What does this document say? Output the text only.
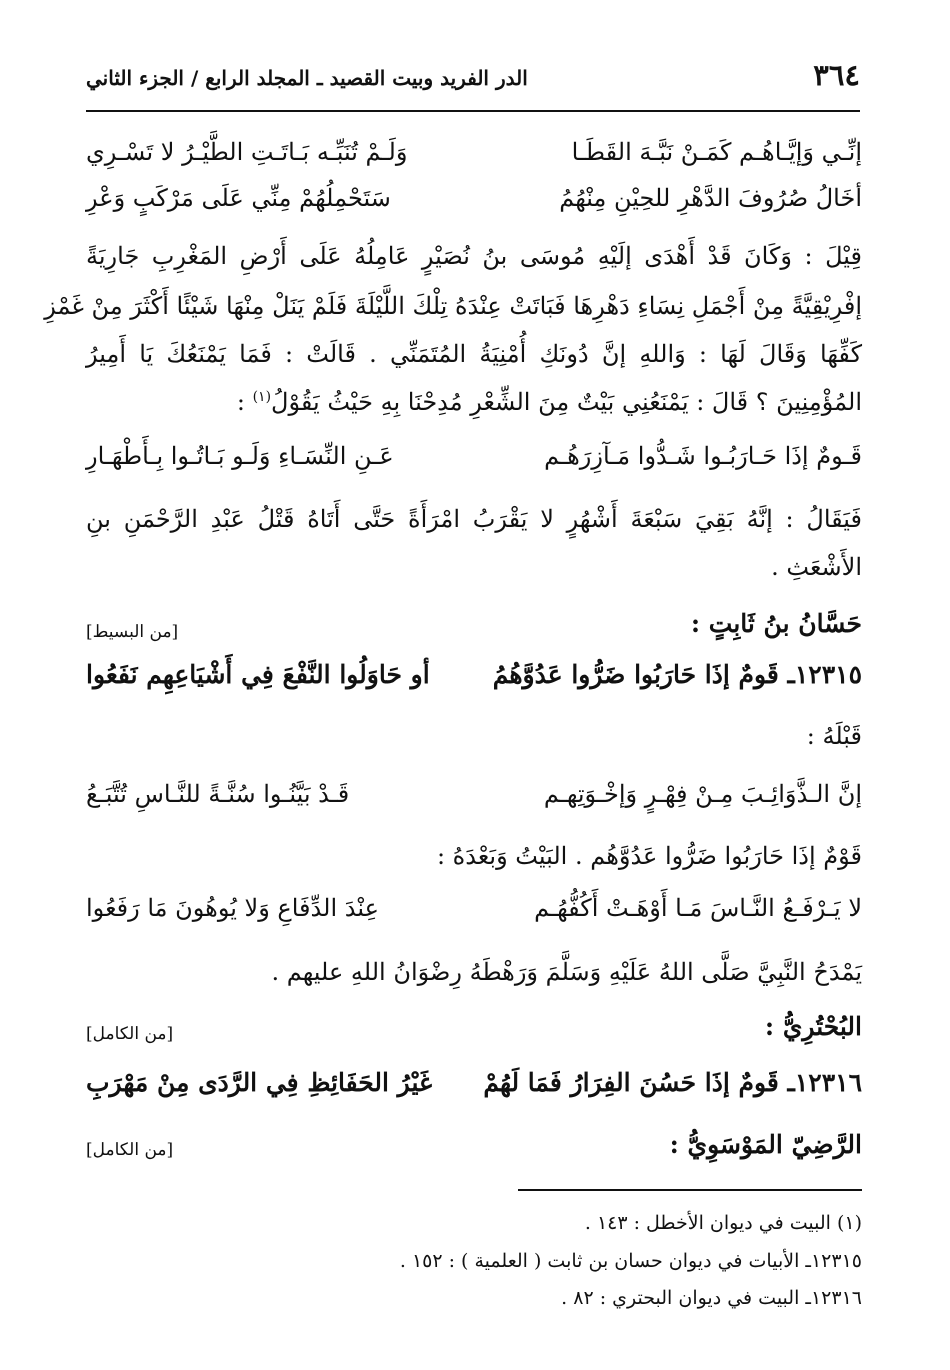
٣٦٤
الدر الفريد وبيت القصيد ـ المجلد الرابع / الجزء الثاني
إنِّـي وَإيَّـاهُـم كَمَـنْ نَبَّـهَ القَطَـا
وَلَـمْ تُنَبِّـه بَـاتَـتِ الطَّيْـرُ لا تَسْـرِي
أخَالُ صُرُوفَ الدَّهْرِ للحِيْنِ مِنْهُمُ
سَتَحْمِلُهُمْ مِنِّي عَلَى مَرْكَبٍ وَعْرِ
قِيْلَ : وَكَانَ قَدْ أَهْدَى إلَيْهِ مُوسَى بنُ نُصَيْرٍ عَامِلُهُ عَلَى أَرْضِ المَغْرِبِ جَارِيَةً
إفْرِيْقِيَّةً مِنْ أَجْمَلِ نِسَاءِ دَهْرِهَا فَبَاتَتْ عِنْدَهُ تِلْكَ اللَّيْلَةَ فَلَمْ يَنَلْ مِنْهَا شَيْئًا أَكْثَرَ مِنْ غَمْزِ
كَفِّهَا وَقَالَ لَهَا : وَاللهِ إنَّ دُونَكِ أُمْنِيَةُ المُتَمَنِّي . قَالَتْ : فَمَا يَمْنَعُكَ يَا أَمِيرُ
المُؤْمِنِينَ ؟ قَالَ : يَمْنَعُنِي بَيْتٌ مِنَ الشِّعْرِ مُدِحْنَا بِهِ حَيْثُ يَقُوْلُ$^{(١)}$ :
قَـومٌ إذَا حَـارَبُـوا شَـدُّوا مَـآزِرَهُـم
عَـنِ النِّسَـاءِ وَلَـو بَـاتُـوا بِـأَطْهَـارِ
فَيَقَالُ : إنَّهُ بَقِيَ سَبْعَةَ أَشْهُرٍ لا يَقْرَبُ امْرَأَةً حَتَّى أَتَاهُ قَتْلُ عَبْدِ الرَّحْمَنِ بنِ
الأَشْعَثِ .
حَسَّانُ بنُ ثَابِتٍ :
[من البسيط]
١٢٣١٥ـ قَومٌ إذَا حَارَبُوا ضَرُّوا عَدُوَّهُمُ
أو حَاوَلُوا النَّفْعَ فِي أَشْيَاعِهِم نَفَعُوا
قَبْلَهُ :
إنَّ الـذَّوَائِـبَ مِـنْ فِهْـرٍ وَإخْـوَتِهـم
قَـدْ بَيَّنُـوا سُنَّـةً للنَّـاسِ تُتَّبَـعُ
قَوْمٌ إذَا حَارَبُوا ضَرُّوا عَدُوَّهُم . البَيْتُ وَبَعْدَهُ :
لا يَـرْفَـعُ النَّـاسَ مَـا أَوْهَـتْ أَكُفُّهُـم
عِنْدَ الدِّفَاعِ وَلا يُوهُونَ مَا رَفَعُوا
يَمْدَحُ النَّبِيَّ صَلَّى اللهُ عَلَيْهِ وَسَلَّمَ وَرَهْطَهُ رِضْوَانُ اللهِ عليهم .
البُحْتُرِيُّ :
[من الكامل]
١٢٣١٦ـ قَومٌ إذَا حَسُنَ الفِرَارُ فَمَا لَهُمْ
غَيْرُ الحَفَائِظِ فِي الرَّدَى مِنْ مَهْرَبِ
الرَّضِيّ المَوْسَوِيُّ :
[من الكامل]
(١) البيت في ديوان الأخطل : ١٤٣ .
١٢٣١٥ـ الأبيات في ديوان حسان بن ثابت ( العلمية ) : ١٥٢ .
١٢٣١٦ـ البيت في ديوان البحتري : ٨٢ .
